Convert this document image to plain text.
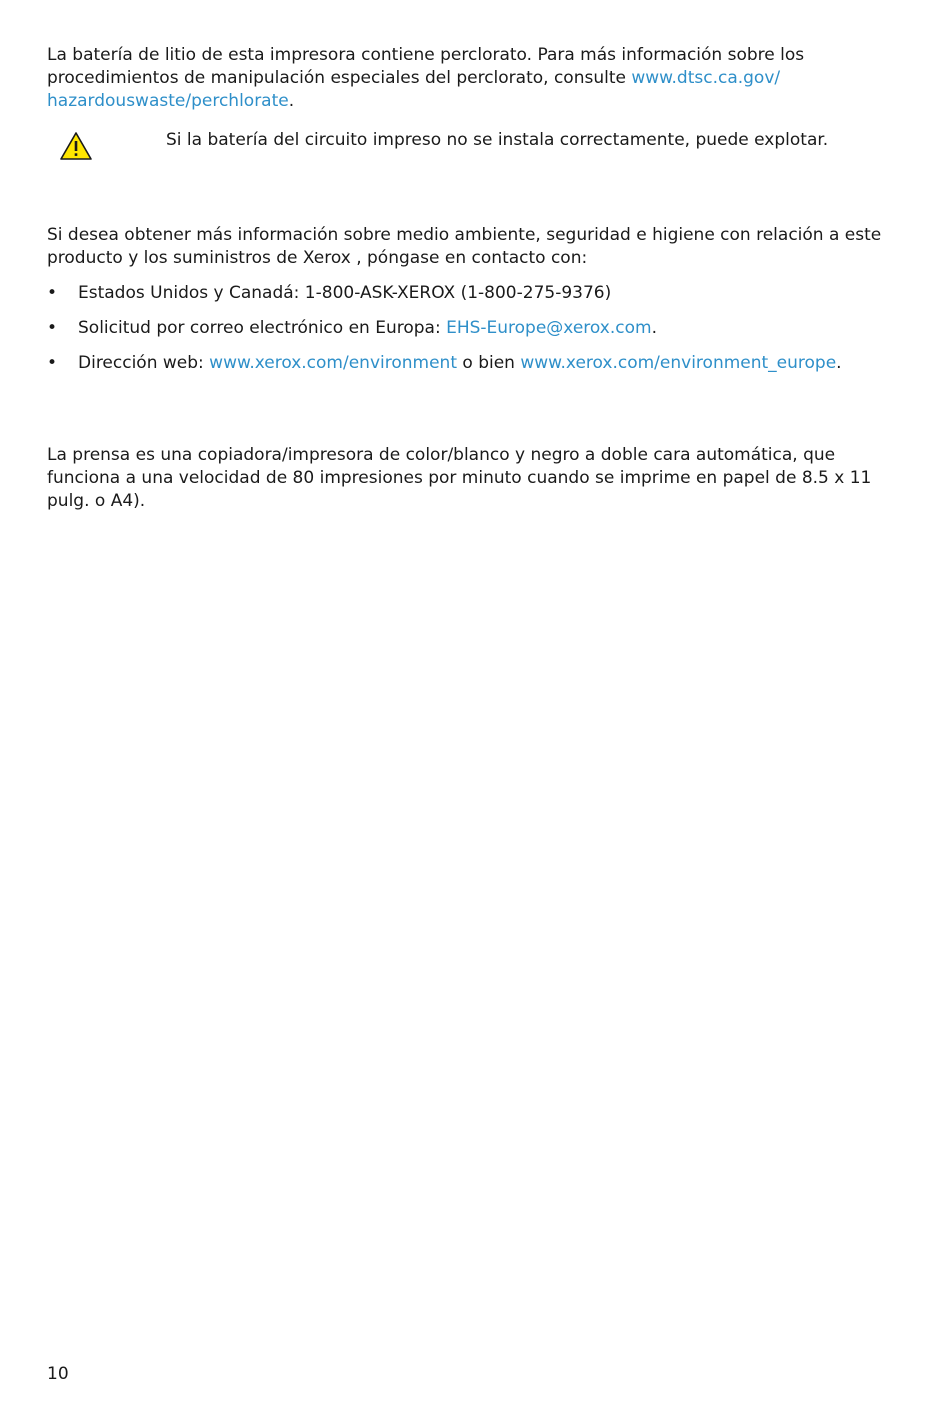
La batería de litio de esta impresora contiene perclorato. Para más información sobre los procedimientos de manipulación especiales del perclorato, consulte www.dtsc.ca.gov/
hazardouswaste/perchlorate.

Si la batería del circuito impreso no se instala correctamente, puede explotar.

Si desea obtener más información sobre medio ambiente, seguridad e higiene con relación a este producto y los suministros de Xerox , póngase en contacto con:

• Estados Unidos y Canadá: 1-800-ASK-XEROX (1-800-275-9376)
• Solicitud por correo electrónico en Europa: EHS-Europe@xerox.com.
• Dirección web: www.xerox.com/environment o bien www.xerox.com/environment_europe.

La prensa es una copiadora/impresora de color/blanco y negro a doble cara automática, que funciona a una velocidad de 80 impresiones por minuto cuando se imprime en papel de 8.5 x 11 pulg. o A4).

10
